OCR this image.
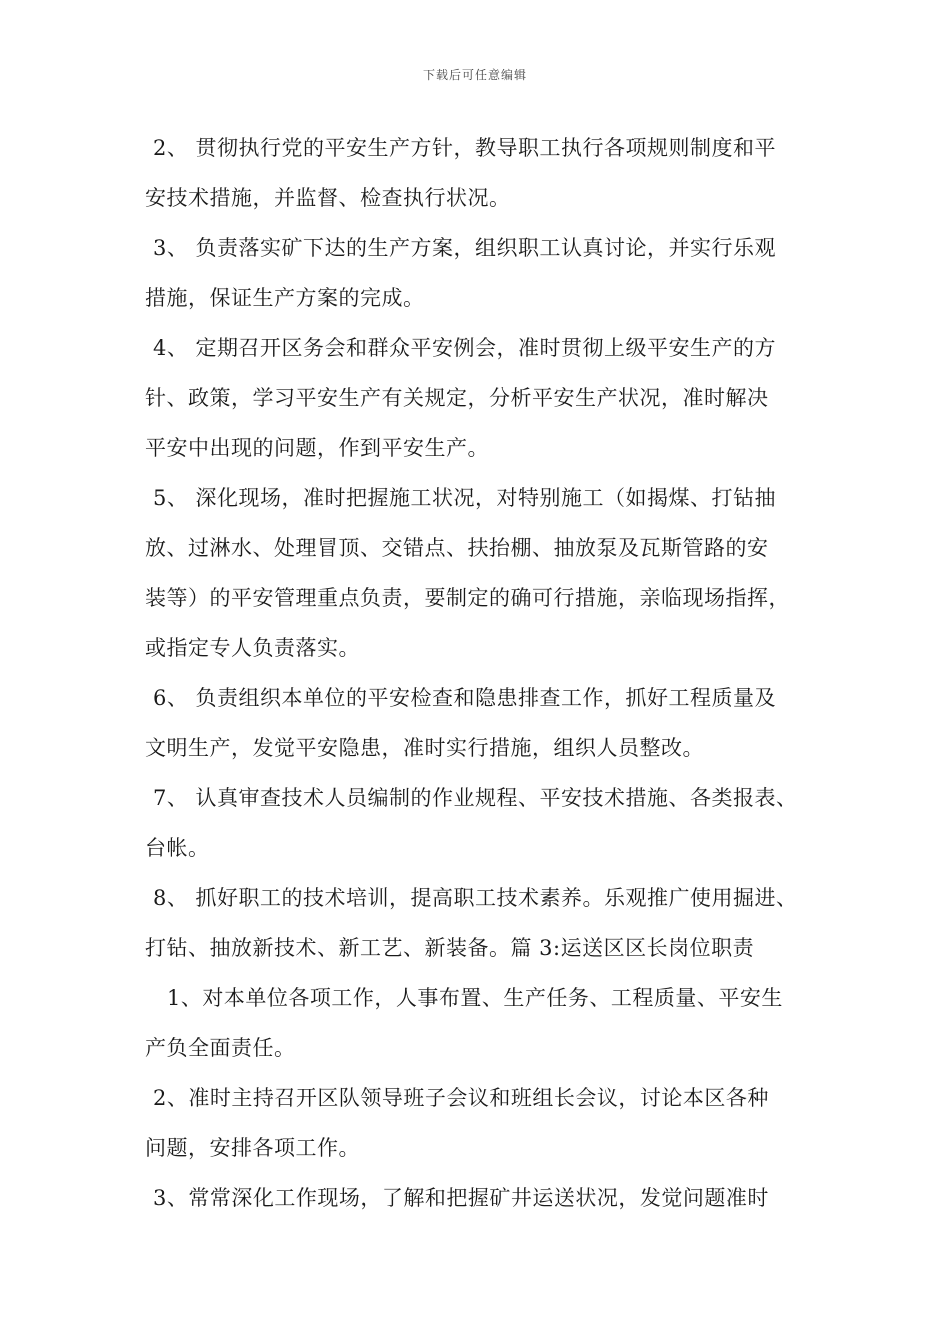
下载后可任意编辑
2、 贯彻执行党的平安生产方针，教导职工执行各项规则制度和平
安技术措施，并监督、检查执行状况。
3、 负责落实矿下达的生产方案，组织职工认真讨论，并实行乐观
措施，保证生产方案的完成。
4、 定期召开区务会和群众平安例会，准时贯彻上级平安生产的方
针、政策，学习平安生产有关规定，分析平安生产状况，准时解决
平安中出现的问题，作到平安生产。
5、 深化现场，准时把握施工状况，对特别施工（如揭煤、打钻抽
放、过淋水、处理冒顶、交错点、扶抬棚、抽放泵及瓦斯管路的安
装等）的平安管理重点负责，要制定的确可行措施，亲临现场指挥，
或指定专人负责落实。
6、 负责组织本单位的平安检查和隐患排查工作，抓好工程质量及
文明生产，发觉平安隐患，准时实行措施，组织人员整改。
7、 认真审查技术人员编制的作业规程、平安技术措施、各类报表、
台帐。
8、 抓好职工的技术培训，提高职工技术素养。乐观推广使用掘进、
打钻、抽放新技术、新工艺、新装备。篇 3:运送区区长岗位职责
1、对本单位各项工作，人事布置、生产任务、工程质量、平安生
产负全面责任。
2、准时主持召开区队领导班子会议和班组长会议，讨论本区各种
问题，安排各项工作。
3、常常深化工作现场，了解和把握矿井运送状况，发觉问题准时
